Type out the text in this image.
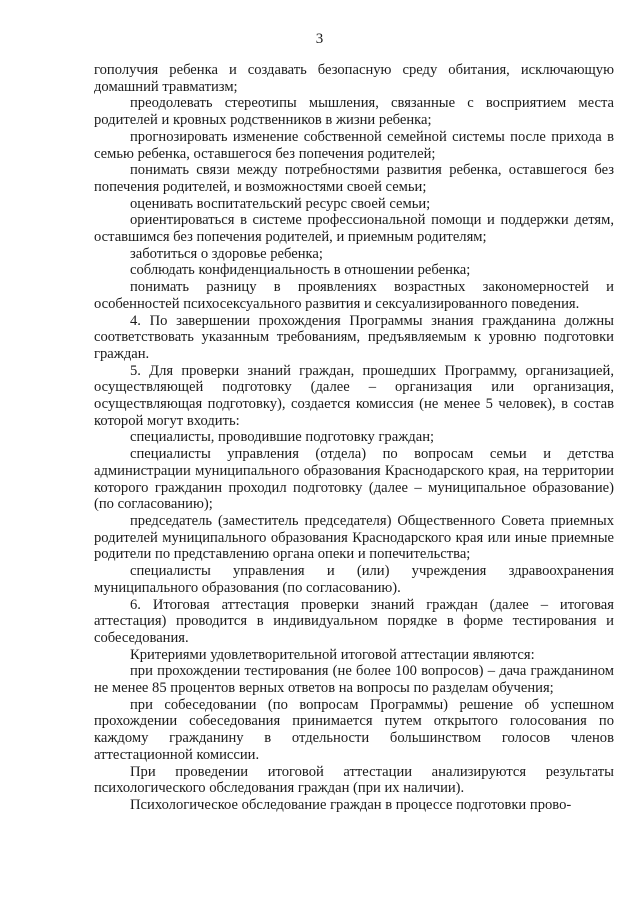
3

гополучия ребенка и создавать безопасную среду обитания, исключающую домашний травматизм;

преодолевать стереотипы мышления, связанные с восприятием места родителей и кровных родственников в жизни ребенка;

прогнозировать изменение собственной семейной системы после прихода в семью ребенка, оставшегося без попечения родителей;

понимать связи между потребностями развития ребенка, оставшегося без попечения родителей, и возможностями своей семьи;

оценивать воспитательский ресурс своей семьи;

ориентироваться в системе профессиональной помощи и поддержки детям, оставшимся без попечения родителей, и приемным родителям;

заботиться о здоровье ребенка;

соблюдать конфиденциальность в отношении ребенка;

понимать разницу в проявлениях возрастных закономерностей и особенностей психосексуального развития и сексуализированного поведения.

4. По завершении прохождения Программы знания гражданина должны соответствовать указанным требованиям, предъявляемым к уровню подготовки граждан.

5. Для проверки знаний граждан, прошедших Программу, организацией, осуществляющей подготовку (далее – организация или организация, осуществляющая подготовку), создается комиссия (не менее 5 человек), в состав которой могут входить:

специалисты, проводившие подготовку граждан;

специалисты управления (отдела) по вопросам семьи и детства администрации муниципального образования Краснодарского края, на территории которого гражданин проходил подготовку (далее – муниципальное образование) (по согласованию);

председатель (заместитель председателя) Общественного Совета приемных родителей муниципального образования Краснодарского края или иные приемные родители по представлению органа опеки и попечительства;

специалисты управления и (или) учреждения здравоохранения муниципального образования (по согласованию).

6. Итоговая аттестация проверки знаний граждан (далее – итоговая аттестация) проводится в индивидуальном порядке в форме тестирования и собеседования.

Критериями удовлетворительной итоговой аттестации являются:

при прохождении тестирования (не более 100 вопросов) – дача гражданином не менее 85 процентов верных ответов на вопросы по разделам обучения;

при собеседовании (по вопросам Программы) решение об успешном прохождении собеседования принимается путем открытого голосования по каждому гражданину в отдельности большинством голосов членов аттестационной комиссии.

При проведении итоговой аттестации анализируются результаты психологического обследования граждан (при их наличии).

Психологическое обследование граждан в процессе подготовки прово-
